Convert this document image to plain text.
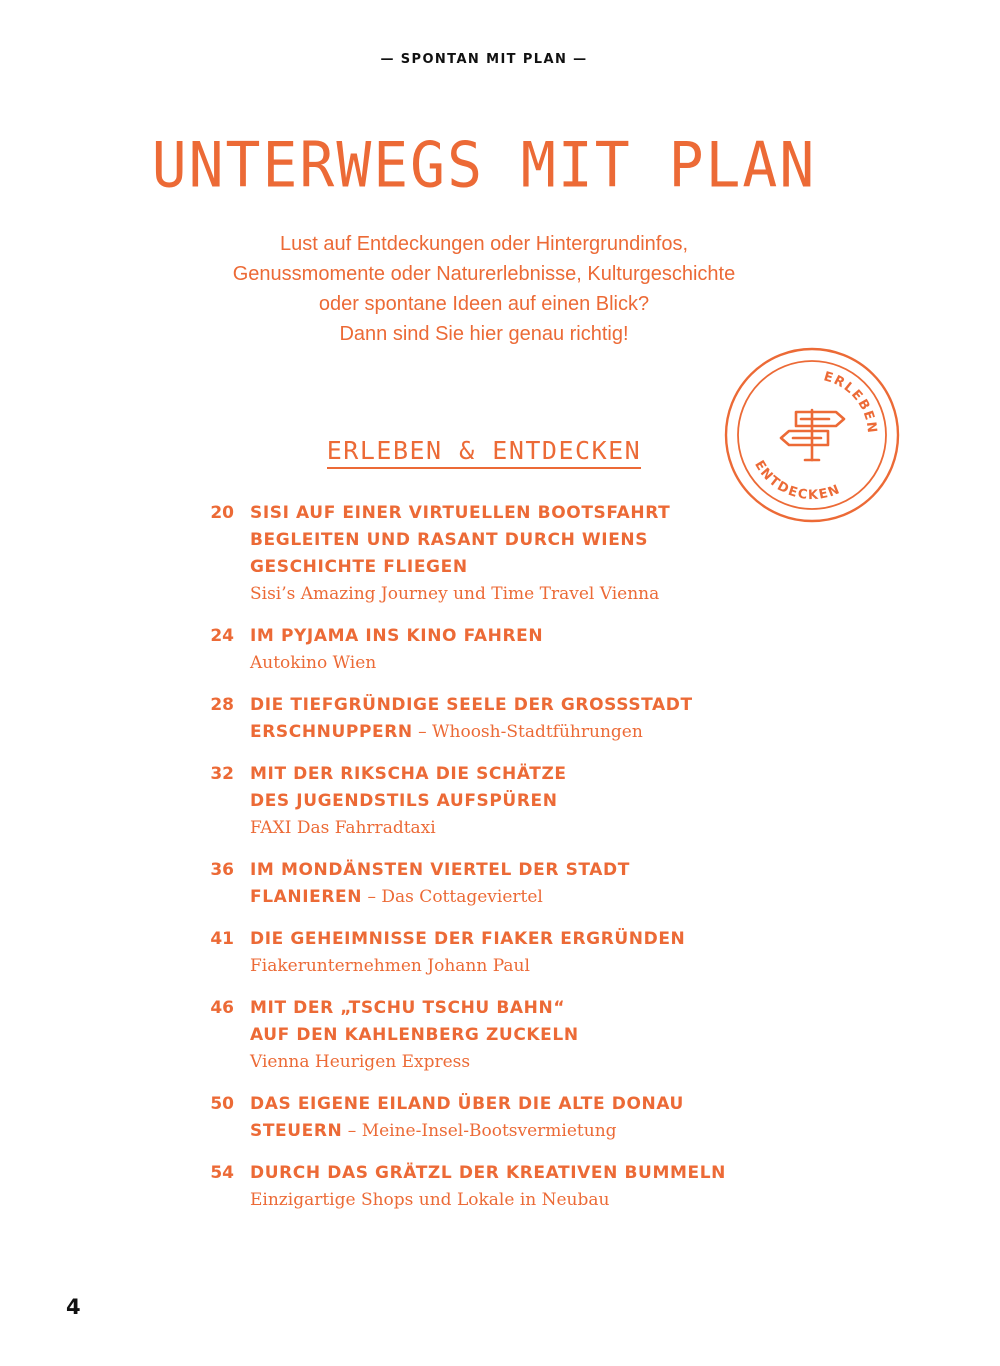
— SPONTAN MIT PLAN —
UNTERWEGS MIT PLAN
Lust auf Entdeckungen oder Hintergrundinfos,
Genussmomente oder Naturerlebnisse, Kulturgeschichte
oder spontane Ideen auf einen Blick?
Dann sind Sie hier genau richtig!
ERLEBEN
ENTDECKEN
ERLEBEN & ENTDECKEN
20 SISI AUF EINER VIRTUELLEN BOOTSFAHRT
BEGLEITEN UND RASANT DURCH WIENS
GESCHICHTE FLIEGEN
Sisi’s Amazing Journey und Time Travel Vienna
24 IM PYJAMA INS KINO FAHREN
Autokino Wien
28 DIE TIEFGRÜNDIGE SEELE DER GROSSSTADT
ERSCHNUPPERN – Whoosh-Stadtführungen
32 MIT DER RIKSCHA DIE SCHÄTZE
DES JUGENDSTILS AUFSPÜREN
FAXI Das Fahrradtaxi
36 IM MONDÄNSTEN VIERTEL DER STADT
FLANIEREN – Das Cottageviertel
41 DIE GEHEIMNISSE DER FIAKER ERGRÜNDEN
Fiakerunternehmen Johann Paul
46 MIT DER „TSCHU TSCHU BAHN“
AUF DEN KAHLENBERG ZUCKELN
Vienna Heurigen Express
50 DAS EIGENE EILAND ÜBER DIE ALTE DONAU
STEUERN – Meine-Insel-Bootsvermietung
54 DURCH DAS GRÄTZL DER KREATIVEN BUMMELN
Einzigartige Shops und Lokale in Neubau
4
